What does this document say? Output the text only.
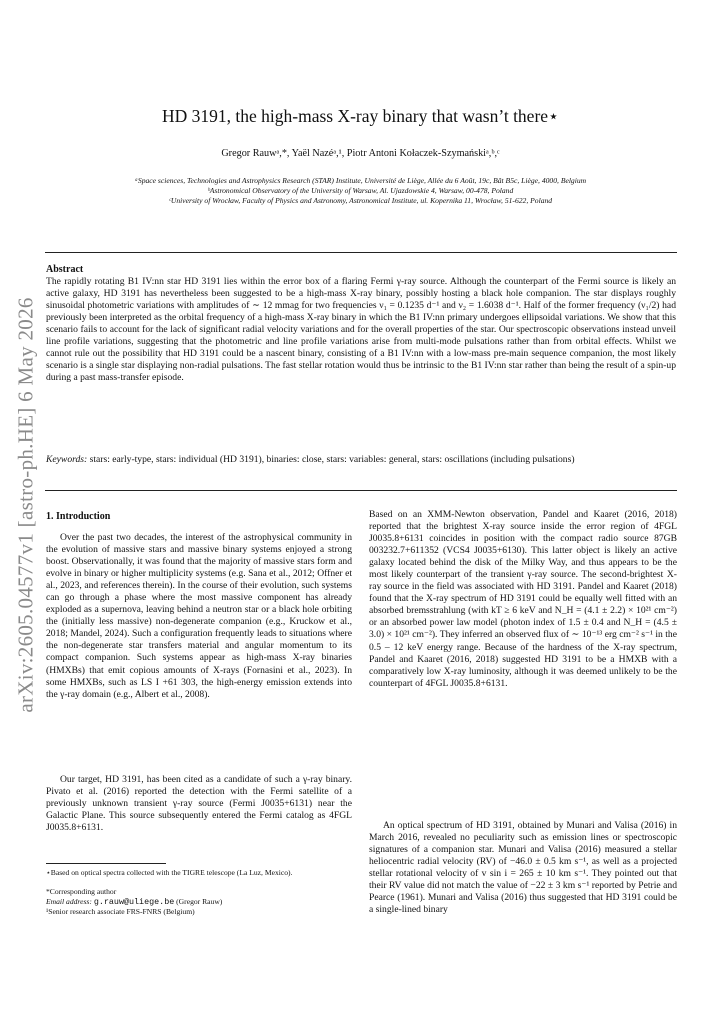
arXiv:2605.04577v1 [astro-ph.HE] 6 May 2026
HD 3191, the high-mass X-ray binary that wasn’t there⋆
Gregor Rauwᵃ,*, Yaël Nazéᵃ,¹, Piotr Antoni Kołaczek-Szymańskiᵃ,ᵇ,ᶜ
ᵃSpace sciences, Technologies and Astrophysics Research (STAR) Institute, Université de Liège, Allée du 6 Août, 19c, Bât B5c, Liège, 4000, Belgium
ᵇAstronomical Observatory of the University of Warsaw, Al. Ujazdowskie 4, Warsaw, 00-478, Poland
ᶜUniversity of Wrocław, Faculty of Physics and Astronomy, Astronomical Institute, ul. Kopernika 11, Wrocław, 51-622, Poland
Abstract
The rapidly rotating B1 IV:nn star HD 3191 lies within the error box of a flaring Fermi γ-ray source. Although the counterpart of the Fermi source is likely an active galaxy, HD 3191 has nevertheless been suggested to be a high-mass X-ray binary, possibly hosting a black hole companion. The star displays roughly sinusoidal photometric variations with amplitudes of ∼ 12 mmag for two frequencies ν₁ = 0.1235 d⁻¹ and ν₂ = 1.6038 d⁻¹. Half of the former frequency (ν₁/2) had previously been interpreted as the orbital frequency of a high-mass X-ray binary in which the B1 IV:nn primary undergoes ellipsoidal variations. We show that this scenario fails to account for the lack of significant radial velocity variations and for the overall properties of the star. Our spectroscopic observations instead unveil line profile variations, suggesting that the photometric and line profile variations arise from multi-mode pulsations rather than from orbital effects. Whilst we cannot rule out the possibility that HD 3191 could be a nascent binary, consisting of a B1 IV:nn with a low-mass pre-main sequence companion, the most likely scenario is a single star displaying non-radial pulsations. The fast stellar rotation would thus be intrinsic to the B1 IV:nn star rather than being the result of a spin-up during a past mass-transfer episode.
Keywords: stars: early-type, stars: individual (HD 3191), binaries: close, stars: variables: general, stars: oscillations (including pulsations)
1. Introduction
Over the past two decades, the interest of the astrophysical community in the evolution of massive stars and massive binary systems enjoyed a strong boost. Observationally, it was found that the majority of massive stars form and evolve in binary or higher multiplicity systems (e.g. Sana et al., 2012; Offner et al., 2023, and references therein). In the course of their evolution, such systems can go through a phase where the most massive component has already exploded as a supernova, leaving behind a neutron star or a black hole orbiting the (initially less massive) non-degenerate companion (e.g., Kruckow et al., 2018; Mandel, 2024). Such a configuration frequently leads to situations where the non-degenerate star transfers material and angular momentum to its compact companion. Such systems appear as high-mass X-ray binaries (HMXBs) that emit copious amounts of X-rays (Fornasini et al., 2023). In some HMXBs, such as LS I +61 303, the high-energy emission extends into the γ-ray domain (e.g., Albert et al., 2008).
Our target, HD 3191, has been cited as a candidate of such a γ-ray binary. Pivato et al. (2016) reported the detection with the Fermi satellite of a previously unknown transient γ-ray source (Fermi J0035+6131) near the Galactic Plane. This source subsequently entered the Fermi catalog as 4FGL J0035.8+6131.
⋆Based on optical spectra collected with the TIGRE telescope (La Luz, Mexico).
*Corresponding author
Email address: g.rauw@uliege.be (Gregor Rauw)
¹Senior research associate FRS-FNRS (Belgium)
Based on an XMM-Newton observation, Pandel and Kaaret (2016, 2018) reported that the brightest X-ray source inside the error region of 4FGL J0035.8+6131 coincides in position with the compact radio source 87GB 003232.7+611352 (VCS4 J0035+6130). This latter object is likely an active galaxy located behind the disk of the Milky Way, and thus appears to be the most likely counterpart of the transient γ-ray source. The second-brightest X-ray source in the field was associated with HD 3191. Pandel and Kaaret (2018) found that the X-ray spectrum of HD 3191 could be equally well fitted with an absorbed bremsstrahlung (with kT ≥ 6 keV and N_H = (4.1 ± 2.2) × 10²¹ cm⁻²) or an absorbed power law model (photon index of 1.5 ± 0.4 and N_H = (4.5 ± 3.0) × 10²¹ cm⁻²). They inferred an observed flux of ∼ 10⁻¹³ erg cm⁻² s⁻¹ in the 0.5 – 12 keV energy range. Because of the hardness of the X-ray spectrum, Pandel and Kaaret (2016, 2018) suggested HD 3191 to be a HMXB with a comparatively low X-ray luminosity, although it was deemed unlikely to be the counterpart of 4FGL J0035.8+6131.
An optical spectrum of HD 3191, obtained by Munari and Valisa (2016) in March 2016, revealed no peculiarity such as emission lines or spectroscopic signatures of a companion star. Munari and Valisa (2016) measured a stellar heliocentric radial velocity (RV) of −46.0 ± 0.5 km s⁻¹, as well as a projected stellar rotational velocity of v sin i = 265 ± 10 km s⁻¹. They pointed out that their RV value did not match the value of −22 ± 3 km s⁻¹ reported by Petrie and Pearce (1961). Munari and Valisa (2016) thus suggested that HD 3191 could be a single-lined binary
